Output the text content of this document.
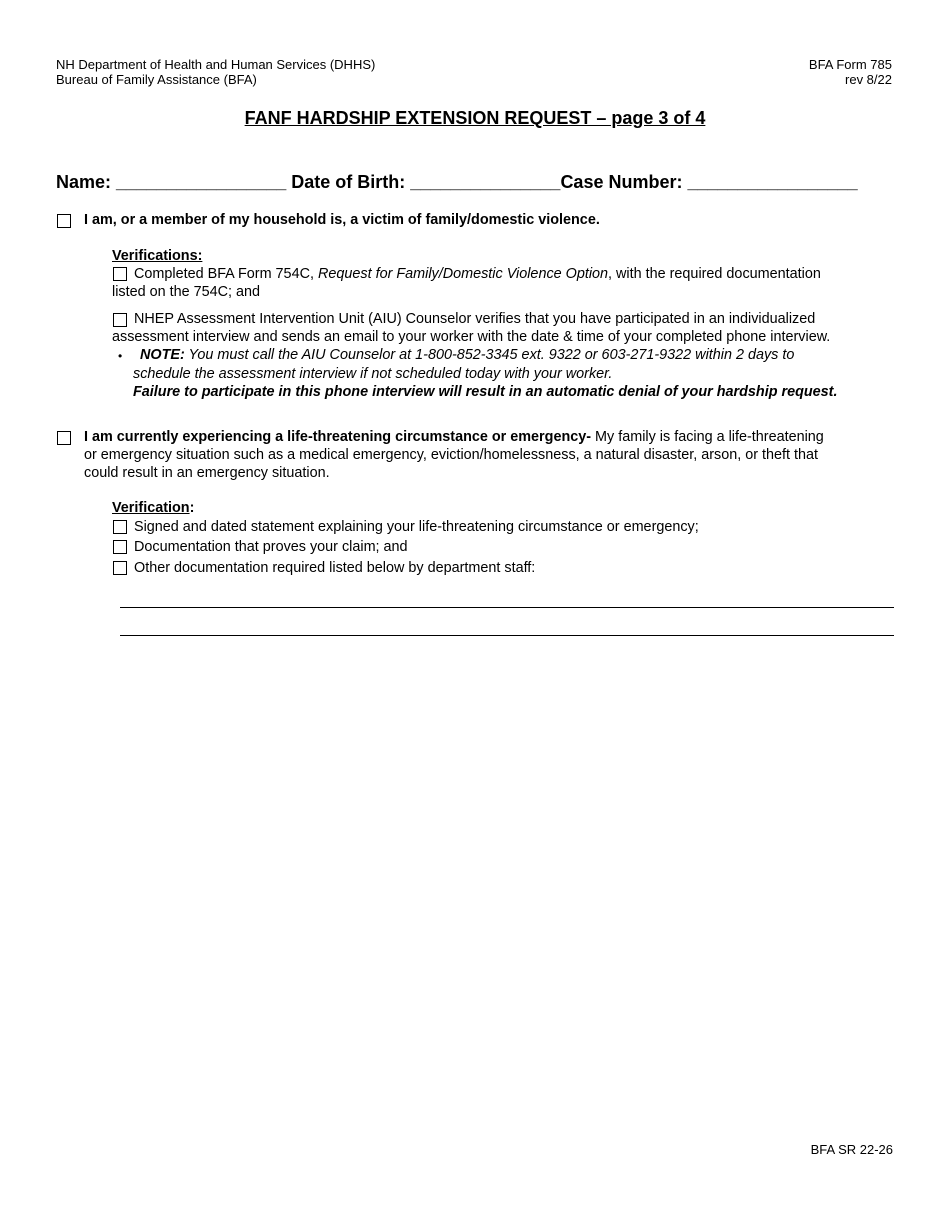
NH Department of Health and Human Services (DHHS)
Bureau of Family Assistance (BFA)
BFA Form 785
rev 8/22
FANF HARDSHIP EXTENSION REQUEST – page 3 of 4
Name: _________________ Date of Birth: _______________Case Number: _________________
I am, or a member of my household is, a victim of family/domestic violence.
Verifications:
Completed BFA Form 754C, Request for Family/Domestic Violence Option, with the required documentation
listed on the 754C; and
NHEP Assessment Intervention Unit (AIU) Counselor verifies that you have participated in an individualized
assessment interview and sends an email to your worker with the date & time of your completed phone interview.
• NOTE: You must call the AIU Counselor at 1-800-852-3345 ext. 9322 or 603-271-9322 within 2 days to
schedule the assessment interview if not scheduled today with your worker.
Failure to participate in this phone interview will result in an automatic denial of your hardship request.
I am currently experiencing a life-threatening circumstance or emergency- My family is facing a life-threatening
or emergency situation such as a medical emergency, eviction/homelessness, a natural disaster, arson, or theft that
could result in an emergency situation.
Verification:
Signed and dated statement explaining your life-threatening circumstance or emergency;
Documentation that proves your claim; and
Other documentation required listed below by department staff:
BFA SR 22-26
